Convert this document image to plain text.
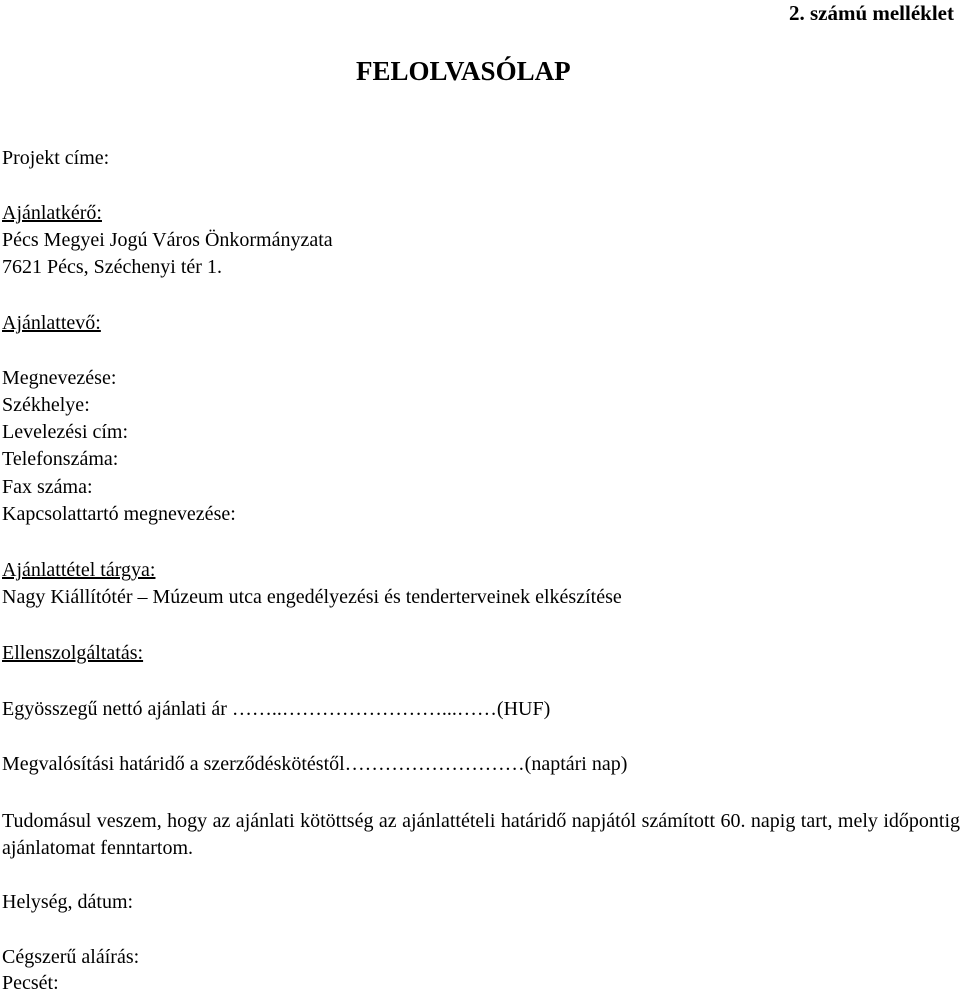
2. számú melléklet
FELOLVASÓLAP
Projekt címe:
Ajánlatkérő:
Pécs Megyei Jogú Város Önkormányzata
7621 Pécs, Széchenyi tér 1.
Ajánlattevő:
Megnevezése:
Székhelye:
Levelezési cím:
Telefonszáma:
Fax száma:
Kapcsolattartó megnevezése:
Ajánlattétel tárgya:
Nagy Kiállítótér – Múzeum utca engedélyezési és tenderterveinek elkészítése
Ellenszolgáltatás:
Egyösszegű nettó ajánlati ár ……..……………………...……(HUF)
Megvalósítási határidő a szerződéskötéstől………………………(naptári nap)
Tudomásul veszem, hogy az ajánlati kötöttség az ajánlattételi határidő napjától számított 60. napig tart, mely időpontig ajánlatomat fenntartom.
Helység, dátum:
Cégszerű aláírás:
Pecsét:
